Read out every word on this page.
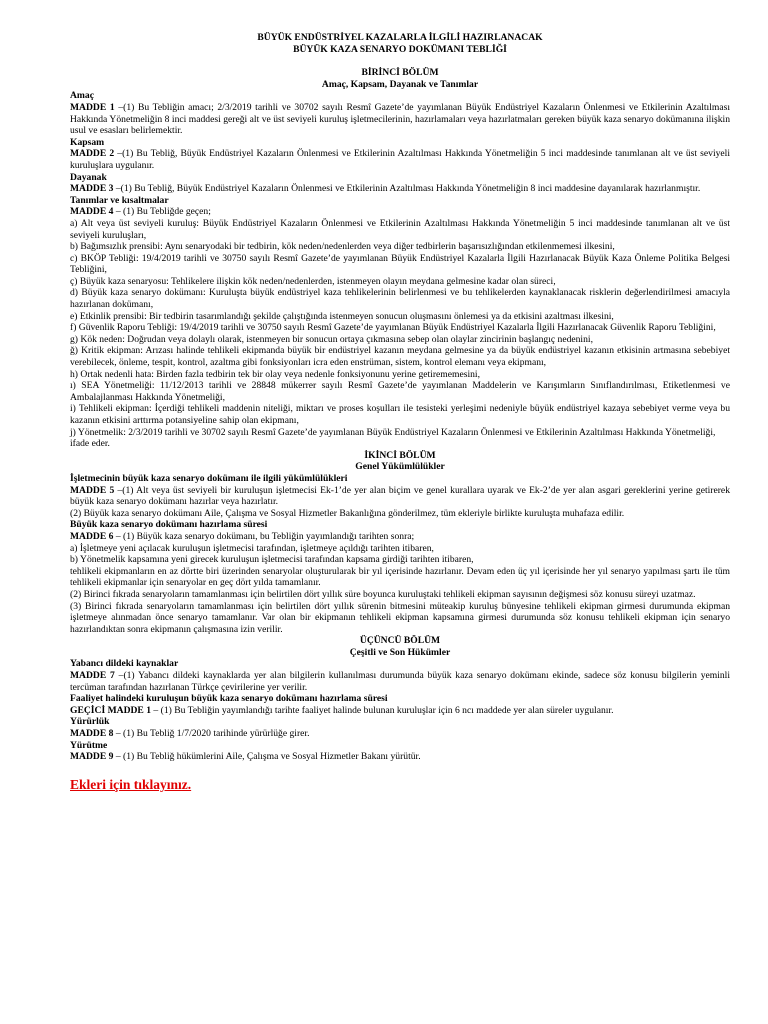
BÜYÜK ENDÜSTRİYEL KAZALARLA İLGİLİ HAZIRLANACAK

BÜYÜK KAZA SENARYO DOKÜMANI TEBLİĞİ

BİRİNCİ BÖLÜM

Amaç, Kapsam, Dayanak ve Tanımlar

Amaç

MADDE 1 –(1) Bu Tebliğin amacı; 2/3/2019 tarihli ve 30702 sayılı Resmî Gazete’de yayımlanan Büyük Endüstriyel Kazaların Önlenmesi ve Etkilerinin Azaltılması Hakkında Yönetmeliğin 8 inci maddesi gereği alt ve üst seviyeli kuruluş işletmecilerinin, hazırlamaları veya hazırlatmaları gereken büyük kaza senaryo dokümanına ilişkin usul ve esasları belirlemektir.

Kapsam

MADDE 2 –(1) Bu Tebliğ, Büyük Endüstriyel Kazaların Önlenmesi ve Etkilerinin Azaltılması Hakkında Yönetmeliğin 5 inci maddesinde tanımlanan alt ve üst seviyeli kuruluşlara uygulanır.

Dayanak

MADDE 3 –(1) Bu Tebliğ, Büyük Endüstriyel Kazaların Önlenmesi ve Etkilerinin Azaltılması Hakkında Yönetmeliğin 8 inci maddesine dayanılarak hazırlanmıştır.

Tanımlar ve kısaltmalar

MADDE 4 – (1) Bu Tebliğde geçen;

a) Alt veya üst seviyeli kuruluş: Büyük Endüstriyel Kazaların Önlenmesi ve Etkilerinin Azaltılması Hakkında Yönetmeliğin 5 inci maddesinde tanımlanan alt ve üst seviyeli kuruluşları,

b) Bağımsızlık prensibi: Aynı senaryodaki bir tedbirin, kök neden/nedenlerden veya diğer tedbirlerin başarısızlığından etkilenmemesi ilkesini,

c) BKÖP Tebliği: 19/4/2019 tarihli ve 30750 sayılı Resmî Gazete’de yayımlanan Büyük Endüstriyel Kazalarla İlgili Hazırlanacak Büyük Kaza Önleme Politika Belgesi Tebliğini,

ç) Büyük kaza senaryosu: Tehlikelere ilişkin kök neden/nedenlerden, istenmeyen olayın meydana gelmesine kadar olan süreci,

d) Büyük kaza senaryo dokümanı: Kuruluşta büyük endüstriyel kaza tehlikelerinin belirlenmesi ve bu tehlikelerden kaynaklanacak risklerin değerlendirilmesi amacıyla hazırlanan dokümanı,

e) Etkinlik prensibi: Bir tedbirin tasarımlandığı şekilde çalıştığında istenmeyen sonucun oluşmasını önlemesi ya da etkisini azaltması ilkesini,

f) Güvenlik Raporu Tebliği: 19/4/2019 tarihli ve 30750 sayılı Resmî Gazete’de yayımlanan Büyük Endüstriyel Kazalarla İlgili Hazırlanacak Güvenlik Raporu Tebliğini,

g) Kök neden: Doğrudan veya dolaylı olarak, istenmeyen bir sonucun ortaya çıkmasına sebep olan olaylar zincirinin başlangıç nedenini,

ğ) Kritik ekipman: Arızası halinde tehlikeli ekipmanda büyük bir endüstriyel kazanın meydana gelmesine ya da büyük endüstriyel kazanın etkisinin artmasına sebebiyet verebilecek, önleme, tespit, kontrol, azaltma gibi fonksiyonları icra eden enstrüman, sistem, kontrol elemanı veya ekipmanı,

h) Ortak nedenli hata: Birden fazla tedbirin tek bir olay veya nedenle fonksiyonunu yerine getirememesini,

ı) SEA Yönetmeliği: 11/12/2013 tarihli ve 28848 mükerrer sayılı Resmî Gazete’de yayımlanan Maddelerin ve Karışımların Sınıflandırılması, Etiketlenmesi ve Ambalajlanması Hakkında Yönetmeliği,

i) Tehlikeli ekipman: İçerdiği tehlikeli maddenin niteliği, miktarı ve proses koşulları ile tesisteki yerleşimi nedeniyle büyük endüstriyel kazaya sebebiyet verme veya bu kazanın etkisini arttırma potansiyeline sahip olan ekipmanı,

j) Yönetmelik: 2/3/2019 tarihli ve 30702 sayılı Resmî Gazete’de yayımlanan Büyük Endüstriyel Kazaların Önlenmesi ve Etkilerinin Azaltılması Hakkında Yönetmeliği,

ifade eder.

İKİNCİ BÖLÜM

Genel Yükümlülükler

İşletmecinin büyük kaza senaryo dokümanı ile ilgili yükümlülükleri

MADDE 5 –(1) Alt veya üst seviyeli bir kuruluşun işletmecisi Ek-1’de yer alan biçim ve genel kurallara uyarak ve Ek-2’de yer alan asgari gereklerini yerine getirerek büyük kaza senaryo dokümanı hazırlar veya hazırlatır.

(2) Büyük kaza senaryo dokümanı Aile, Çalışma ve Sosyal Hizmetler Bakanlığına gönderilmez, tüm ekleriyle birlikte kuruluşta muhafaza edilir.

Büyük kaza senaryo dokümanı hazırlama süresi

MADDE 6 – (1) Büyük kaza senaryo dokümanı, bu Tebliğin yayımlandığı tarihten sonra;

a) İşletmeye yeni açılacak kuruluşun işletmecisi tarafından, işletmeye açıldığı tarihten itibaren,

b) Yönetmelik kapsamına yeni girecek kuruluşun işletmecisi tarafından kapsama girdiği tarihten itibaren,

tehlikeli ekipmanların en az dörtte biri üzerinden senaryolar oluşturularak bir yıl içerisinde hazırlanır. Devam eden üç yıl içerisinde her yıl senaryo yapılması şartı ile tüm tehlikeli ekipmanlar için senaryolar en geç dört yılda tamamlanır.

(2) Birinci fıkrada senaryoların tamamlanması için belirtilen dört yıllık süre boyunca kuruluştaki tehlikeli ekipman sayısının değişmesi söz konusu süreyi uzatmaz.

(3) Birinci fıkrada senaryoların tamamlanması için belirtilen dört yıllık sürenin bitmesini müteakip kuruluş bünyesine tehlikeli ekipman girmesi durumunda ekipman işletmeye alınmadan önce senaryo tamamlanır. Var olan bir ekipmanın tehlikeli ekipman kapsamına girmesi durumunda söz konusu tehlikeli ekipman için senaryo hazırlandıktan sonra ekipmanın çalışmasına izin verilir.

ÜÇÜNCÜ BÖLÜM

Çeşitli ve Son Hükümler

Yabancı dildeki kaynaklar

MADDE 7 –(1) Yabancı dildeki kaynaklarda yer alan bilgilerin kullanılması durumunda büyük kaza senaryo dokümanı ekinde, sadece söz konusu bilgilerin yeminli tercüman tarafından hazırlanan Türkçe çevirilerine yer verilir.

Faaliyet halindeki kuruluşun büyük kaza senaryo dokümanı hazırlama süresi

GEÇİCİ MADDE 1 – (1) Bu Tebliğin yayımlandığı tarihte faaliyet halinde bulunan kuruluşlar için 6 ncı maddede yer alan süreler uygulanır.

Yürürlük

MADDE 8 – (1) Bu Tebliğ 1/7/2020 tarihinde yürürlüğe girer.

Yürütme

MADDE 9 – (1) Bu Tebliğ hükümlerini Aile, Çalışma ve Sosyal Hizmetler Bakanı yürütür.

Ekleri için tıklayınız.
